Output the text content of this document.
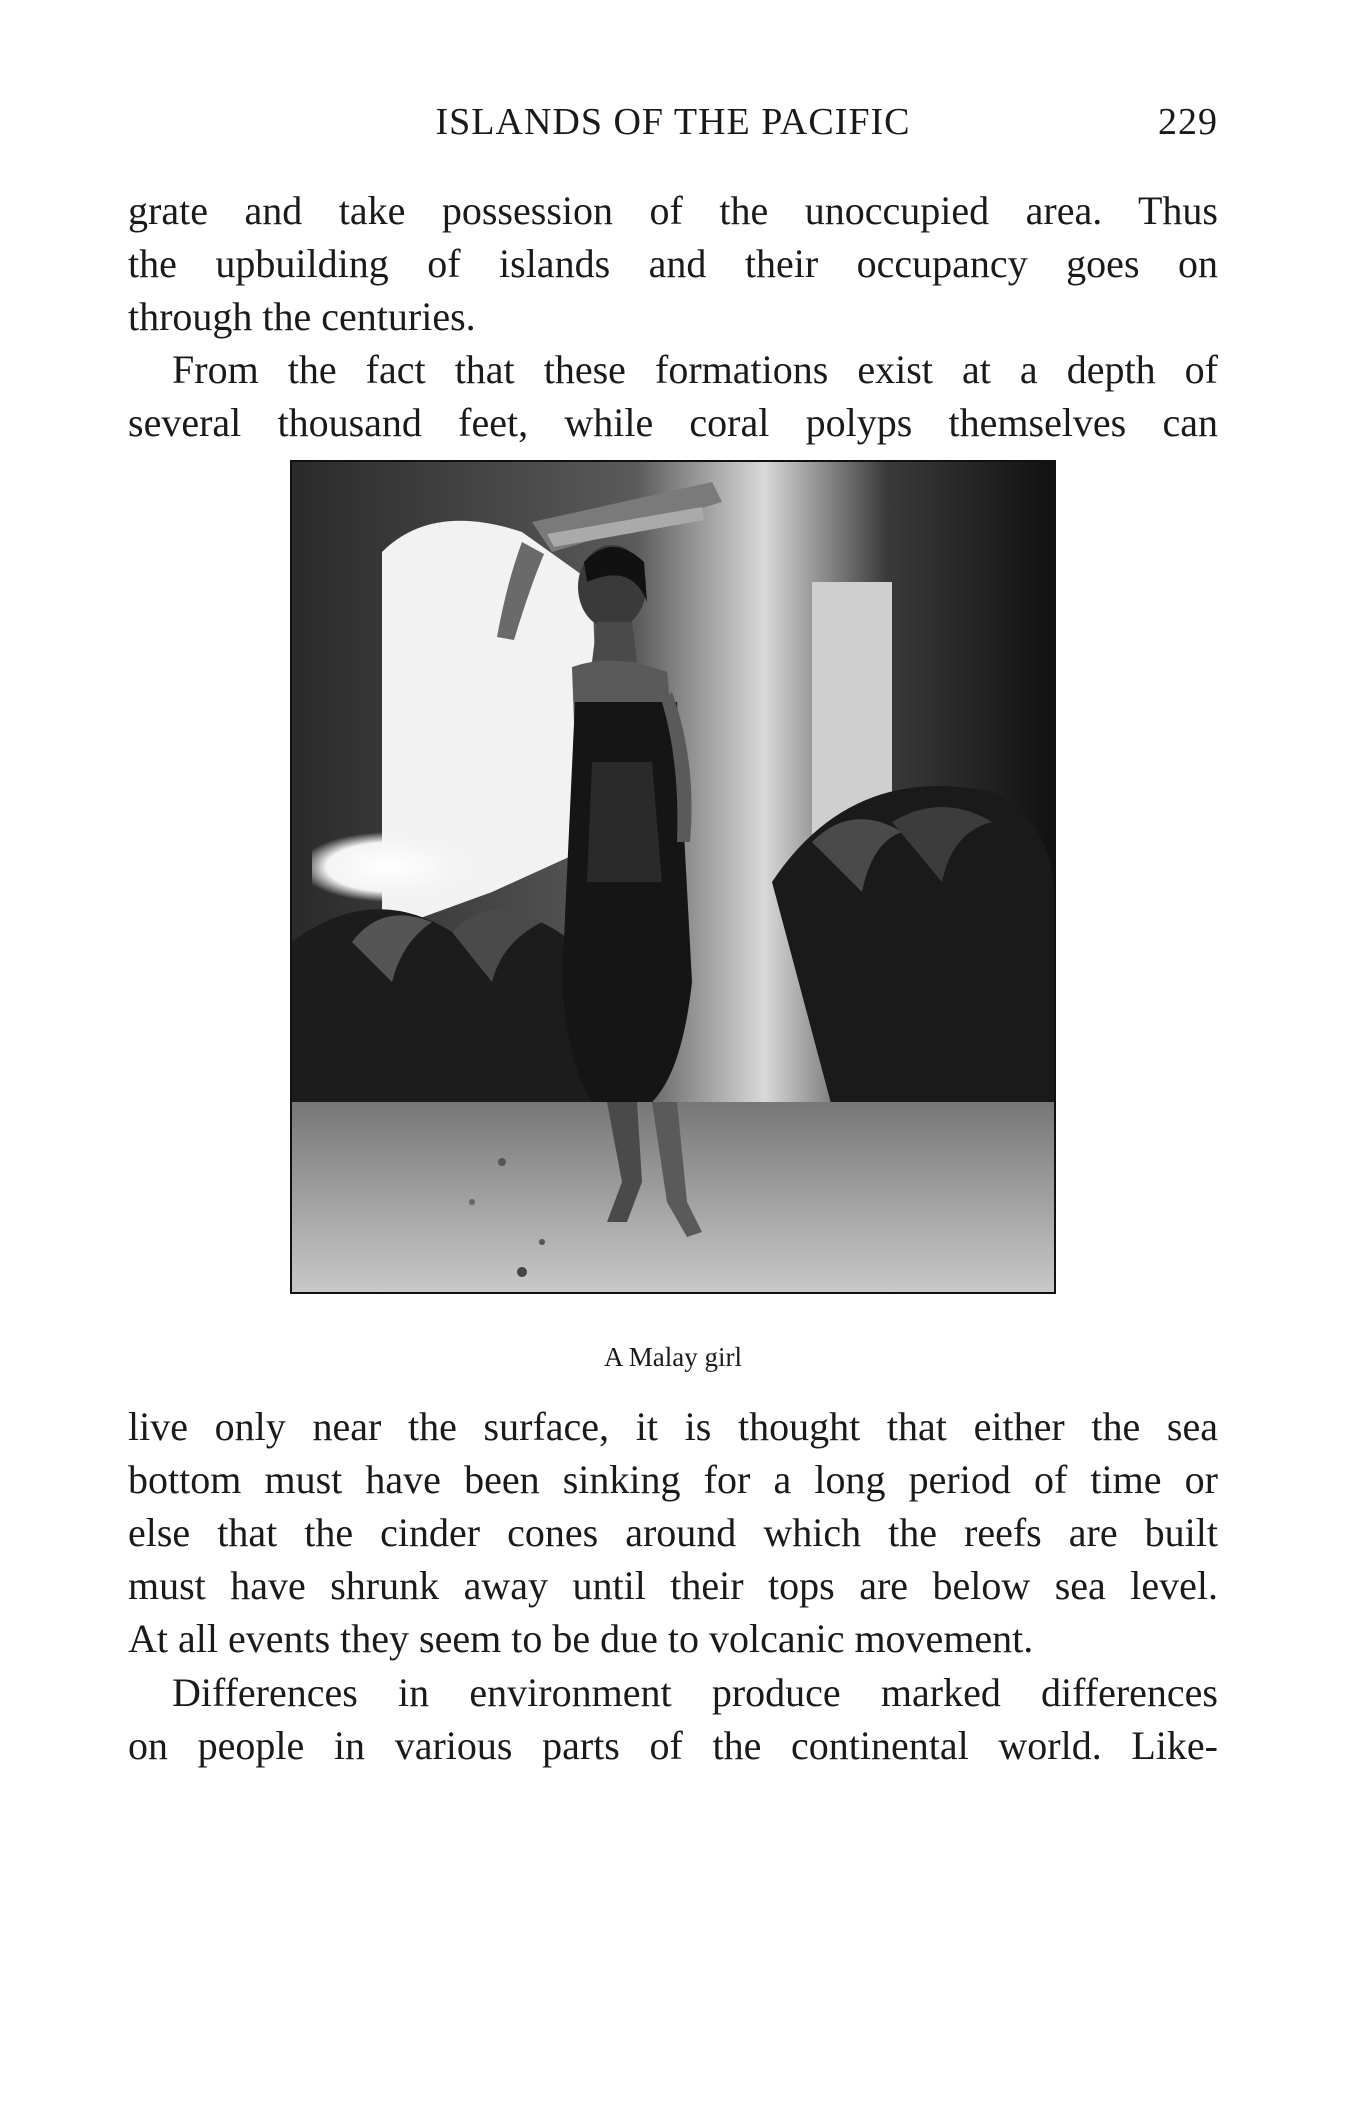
ISLANDS OF THE PACIFIC	229
grate and take possession of the unoccupied area. Thus
the upbuilding of islands and their occupancy goes on
through the centuries.
From the fact that these formations exist at a depth of
several thousand feet, while coral polyps themselves can
A Malay girl
live only near the surface, it is thought that either the sea
bottom must have been sinking for a long period of time or
else that the cinder cones around which the reefs are built
must have shrunk away until their tops are below sea level.
At all events they seem to be due to volcanic movement.
Differences in environment produce marked differences
on people in various parts of the continental world. Like-
